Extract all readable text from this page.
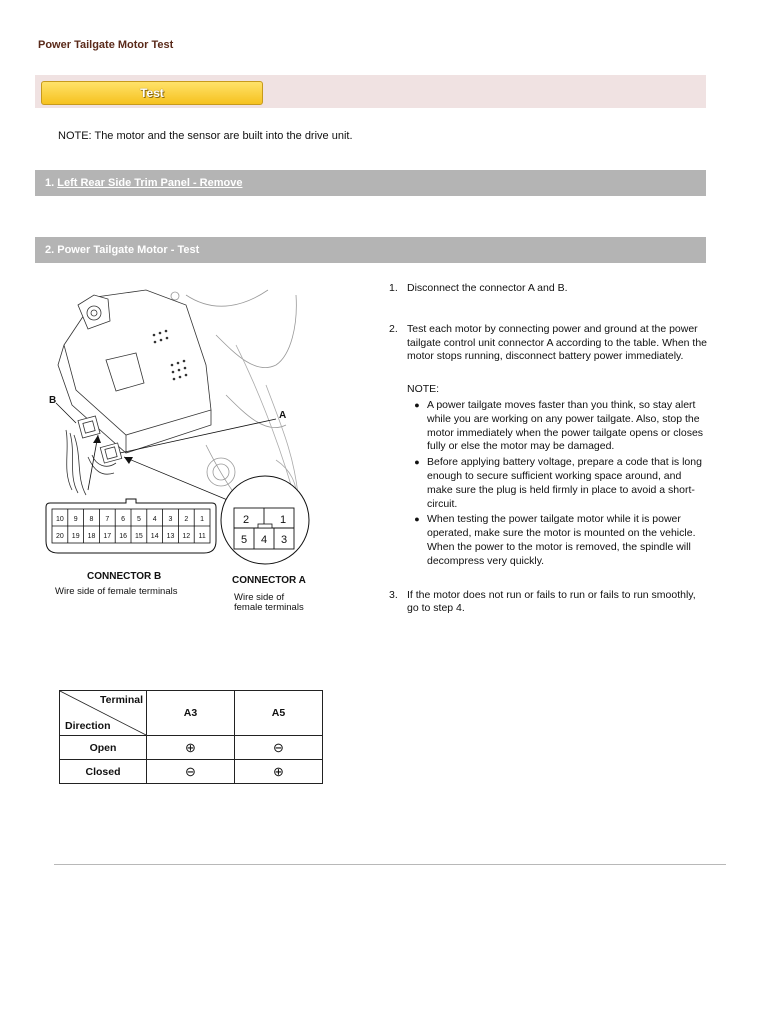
Power Tailgate Motor Test
Test
NOTE: The motor and the sensor are built into the drive unit.
1. Left Rear Side Trim Panel - Remove
2. Power Tailgate Motor - Test
10 9 8 7 6 5 4 3 2 1
20 19 18 17 16 15 14 13 12 11
2	1
5 4 3
A
B
CONNECTOR B
Wire side of female terminals
CONNECTOR A
Wire side of
female terminals
1. Disconnect the connector A and B.
2. Test each motor by connecting power and ground at the power tailgate control unit connector A according to the table. When the motor stops running, disconnect battery power immediately.
NOTE:
● A power tailgate moves faster than you think, so stay alert while you are working on any power tailgate. Also, stop the motor immediately when the power tailgate opens or closes fully or else the motor may be damaged.
● Before applying battery voltage, prepare a code that is long enough to secure sufficient working space around, and make sure the plug is held firmly in place to avoid a short-circuit.
● When testing the power tailgate motor while it is power operated, make sure the motor is mounted on the vehicle. When the power to the motor is removed, the spindle will decompress very quickly.
3. If the motor does not run or fails to run or fails to run smoothly, go to step 4.
Terminal
Direction	A3	A5
Open	⊕	⊖
Closed	⊖	⊕
